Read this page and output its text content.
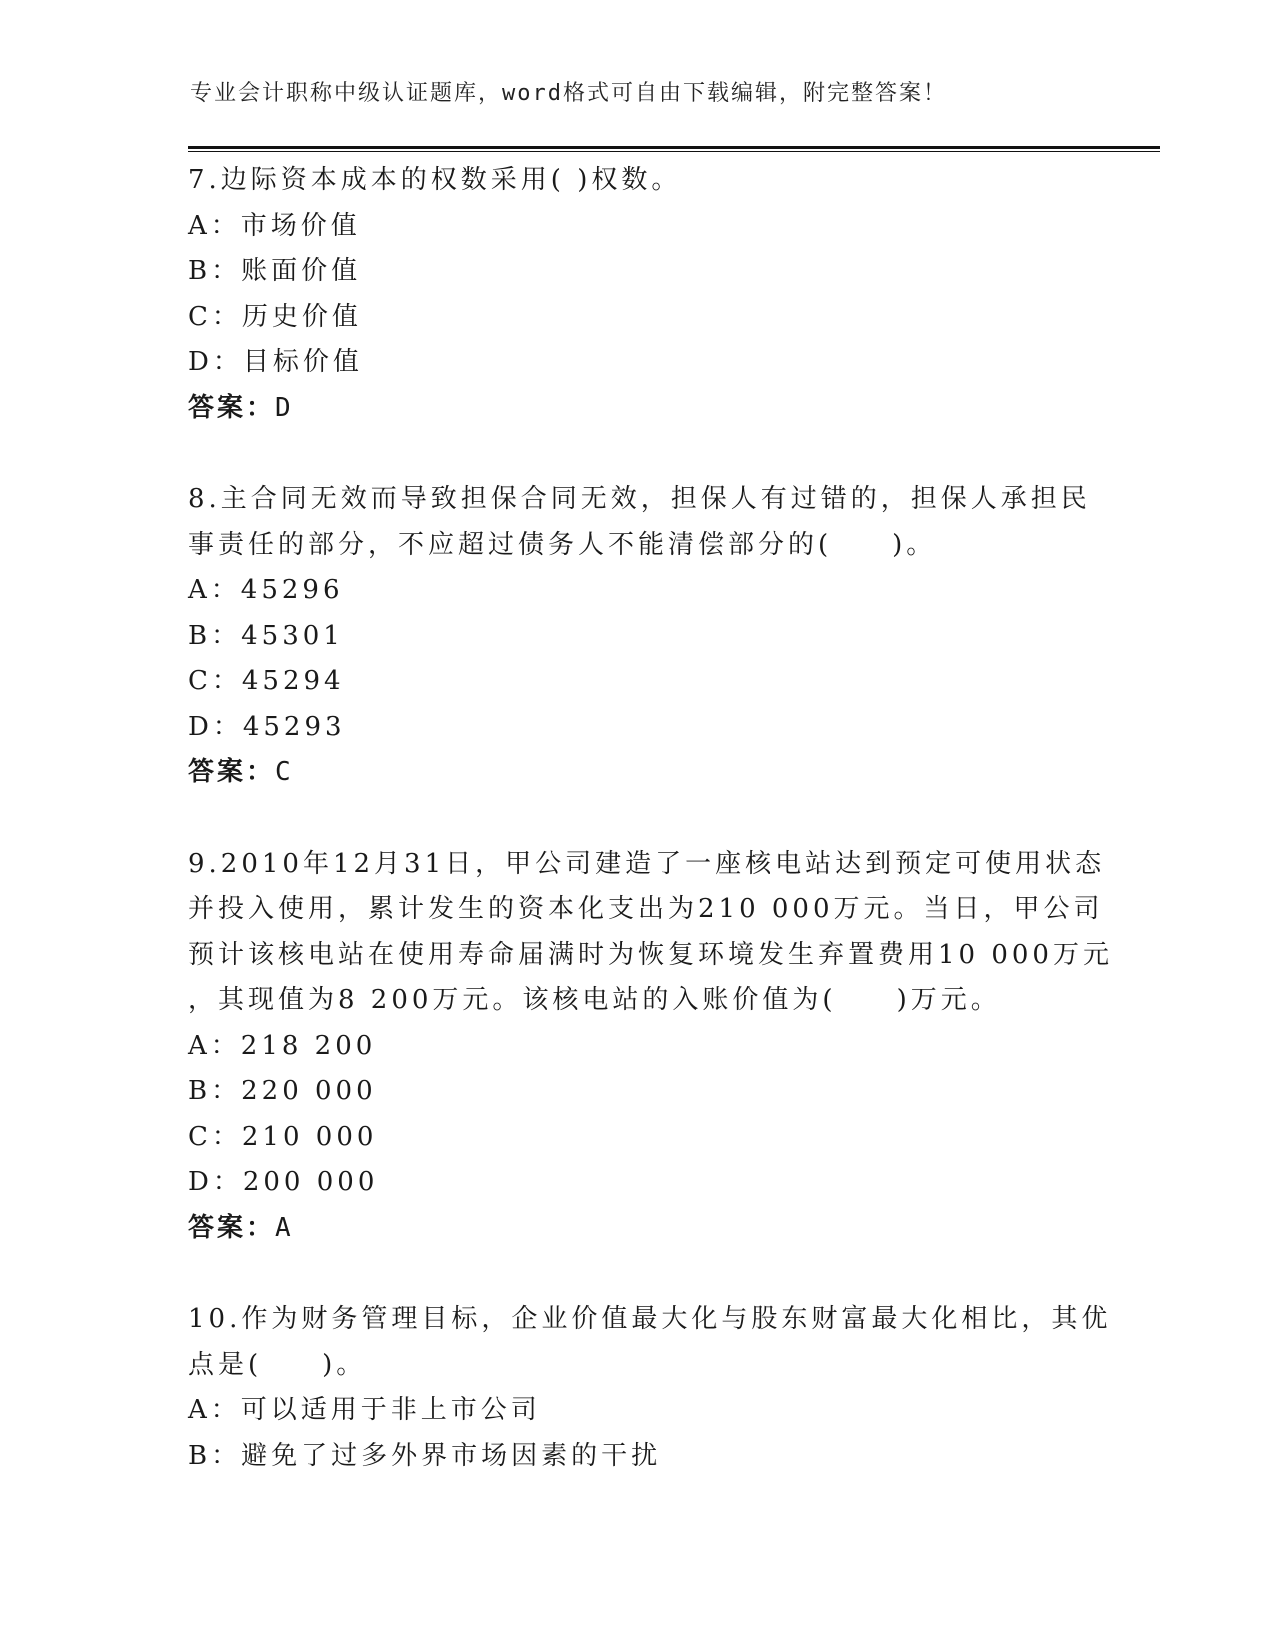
专业会计职称中级认证题库，word格式可自由下载编辑，附完整答案！
7.边际资本成本的权数采用( )权数。
A：市场价值
B：账面价值
C：历史价值
D：目标价值
答案：D
8.主合同无效而导致担保合同无效，担保人有过错的，担保人承担民
事责任的部分，不应超过债务人不能清偿部分的(　　)。
A：45296
B：45301
C：45294
D：45293
答案：C
9.2010年12月31日，甲公司建造了一座核电站达到预定可使用状态
并投入使用，累计发生的资本化支出为210 000万元。当日，甲公司
预计该核电站在使用寿命届满时为恢复环境发生弃置费用10 000万元
，其现值为8 200万元。该核电站的入账价值为(　　)万元。
A：218 200
B：220 000
C：210 000
D：200 000
答案：A
10.作为财务管理目标，企业价值最大化与股东财富最大化相比，其优
点是(　　)。
A：可以适用于非上市公司
B：避免了过多外界市场因素的干扰
